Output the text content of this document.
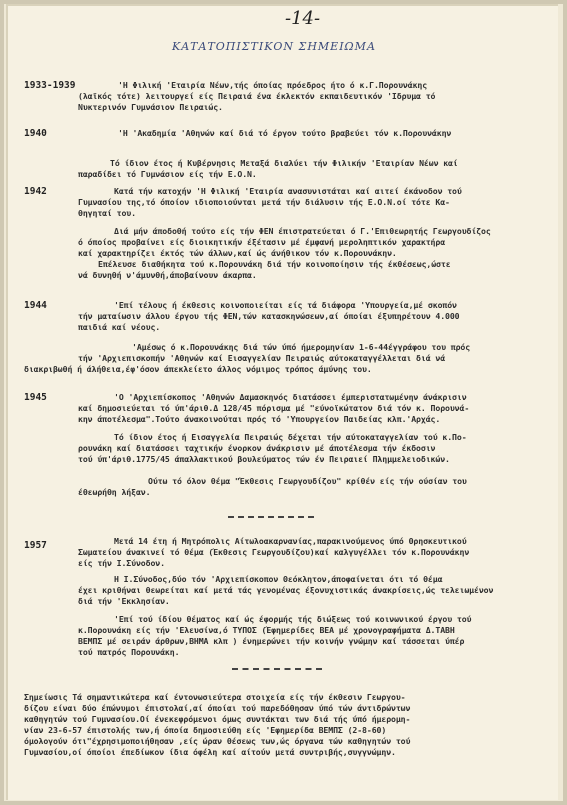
-14-
ΚΑΤΑΤΟΠΙΣΤΙΚΟΝ ΣΗΜΕΙΩΜΑ
1933-1939	'Η Φιλική 'Εταιρία Νέων,τής όποίας πρόεδρος ήτο ό κ.Γ.Πορουνάκης
(λαϊκός τότε) λειτουργεί είς Πειραιά ένα έκλεκτόν εκπαιδευτικόν 'Ιδρυμα τό
Νυκτερινόν Γυμνάσιον Πειραιώς.
1940	'Η 'Ακαδημία 'Αθηνών καί διά τό έργον τούτο βραβεύει τόν κ.Πορουνάκην
Τό ίδιον έτος ή Κυβέρνησις Μεταξά διαλύει τήν Φιλικήν 'Εταιρίαν Νέων καί
παραδίδει τό Γυμνάσιον είς τήν Ε.Ο.Ν.
1942	Κατά τήν κατοχήν 'Η Φιλική 'Εταιρία ανασυνιστάται καί αιτεί έκάνοδον τού
Γυμνασίου της,τό όποίον ιδιοποιούνται μετά τήν διάλυσιν τής Ε.Ο.Ν.οί τότε Κα-
θηγηταί του.
Διά μήν άποδοθή τούτο είς τήν ΦΕΝ έπιστρατεύεται ό Γ.'Επιθεωρητής Γεωργουδίζος
ό όποίος προβαίνει είς διοικητικήν έξέτασιν μέ έμφανή μεροληπτικόν χαρακτήρα
καί χαρακτηρίζει έκτός τών άλλων,καί ώς άνήθικον τόν κ.Πορουνάκην.
Επέλευσε διαθήκητα τού κ.Πορουνάκη διά τήν κοινοποίησιν τής έκθέσεως,ώστε
νά δυνηθή ν'άμυνθή,άποβαίνουν άκαρπα.
1944	'Επί τέλους ή έκθεσις κοινοποιείται είς τά διάφορα 'Υπουργεία,μέ σκοπόν
τήν ματαίωσιν άλλου έργου τής ΦΕΝ,τών κατασκηνώσεων,αί όποίαι έξυπηρέτουν 4.000
παιδιά καί νέους.
'Αμέσως ό κ.Πορουνάκης διά τών ύπό ήμερομηνίαν 1-6-44έγγράφου του πρός
τήν 'Αρχιεπισκοπήν 'Αθηνών καί Εισαγγελίαν Πειραιώς αύτοκαταγγέλλεται διά νά
διακριβωθή ή άλήθεια,έφ'όσον άπεκλείετο άλλος νόμιμος τρόπος άμύνης του.
1945	'Ο 'Αρχιεπίσκοπος 'Αθηνών Δαμασκηνός διατάσσει έμπεριστατωμένην άνάκρισιν
καί δημοσιεύεται τό ύπ'άριθ.Δ 128/45 πόρισμα μέ "εύνοϊκώτατον διά τόν κ. Πορουνά-
κην άποτέλεσμα".Τούτο άνακοινούται πρός τό 'Υπουργείον Παιδείας κλπ.'Αρχάς.
Τό ίδιον έτος ή Εισαγγελία Πειραιώς δέχεται τήν αύτοκαταγγελίαν τού κ.Πο-
ρουνάκη καί διατάσσει ταχτικήν ένορκον άνάκρισιν μέ άποτέλεσμα τήν έκδοσιν
τού ύπ'άριθ.1775/45 άπαλλακτικού βουλεύματος τών έν Πειραιεί Πλημμελειοδικών.
Ούτω τό όλον θέμα "Έκθεσις Γεωργουδίζου" κρίθέν είς τήν ούσίαν του
έθεωρήθη λήξαν.
1957	Μετά 14 έτη ή Μητρόπολις Αίτωλοακαρνανίας,παρακινούμενος ύπό Θρησκευτικού
Σωματείου άνακινεί τό θέμα (Έκθεσις Γεωργουδίζου)καί καλγυγέλλει τόν κ.Πορουνάκην
είς τήν Ι.Σύνοδον.
Η Ι.Σύνοδος,δύο τόν 'Αρχιεπίσκοπον Θεόκλητον,άποφαίνεται ότι τό θέμα
έχει κριθήναι θεωρείται καί μετά τάς γενομένας έξονυχιστικάς άνακρίσεις,ώς τελειωμένον
διά τήν 'Εκκλησίαν.
'Επί τού ίδίου θέματος καί ώς έφορμής τής διώξεως τού κοινωνικού έργου τού
κ.Πορουνάκη είς τήν 'Ελευσίνα,ό ΤΥΠΟΣ (Έφημερίδες ΒΕΑ μέ χρονογραφήματα Δ.ΤΑΒΗ
ΒΕΜΠΣ μέ σειράν άρθρων,ΒΗΜΑ κλπ ) ένημερώνει τήν κοινήν γνώμην καί τάσσεται ύπέρ
τού πατρός Πορουνάκη.
Σημείωσις Τά σημαντικώτερα καί έντονωσιεύτερα στοιχεία είς τήν έκθεσιν Γεωργου-
δίζου είναι δύο έπώνυμοι έπιστολαί,αί όποίαι τού παρεδόθησαν ύπό τών άντιδρώντων
καθηγητών τού Γυμνασίου.Οί ένεκεφρόμενοι όμως συντάκται των διά τής ύπό ήμερομη-
νίαν 23-6-57 έπιστολής των,ή όποία δημοσιεύθη είς 'Εφημερίδα ΒΕΜΠΣ (2-8-60)
όμολογούν ότι"έχρησιμοποιήθησαν ,είς ώραν θέσεως των,ώς όργανα τών καθηγητών τού
Γυμνασίου,οί όποίοι έπεδίωκον ίδια όφέλη καί αίτούν μετά συντριβής,συγγνώμην.
